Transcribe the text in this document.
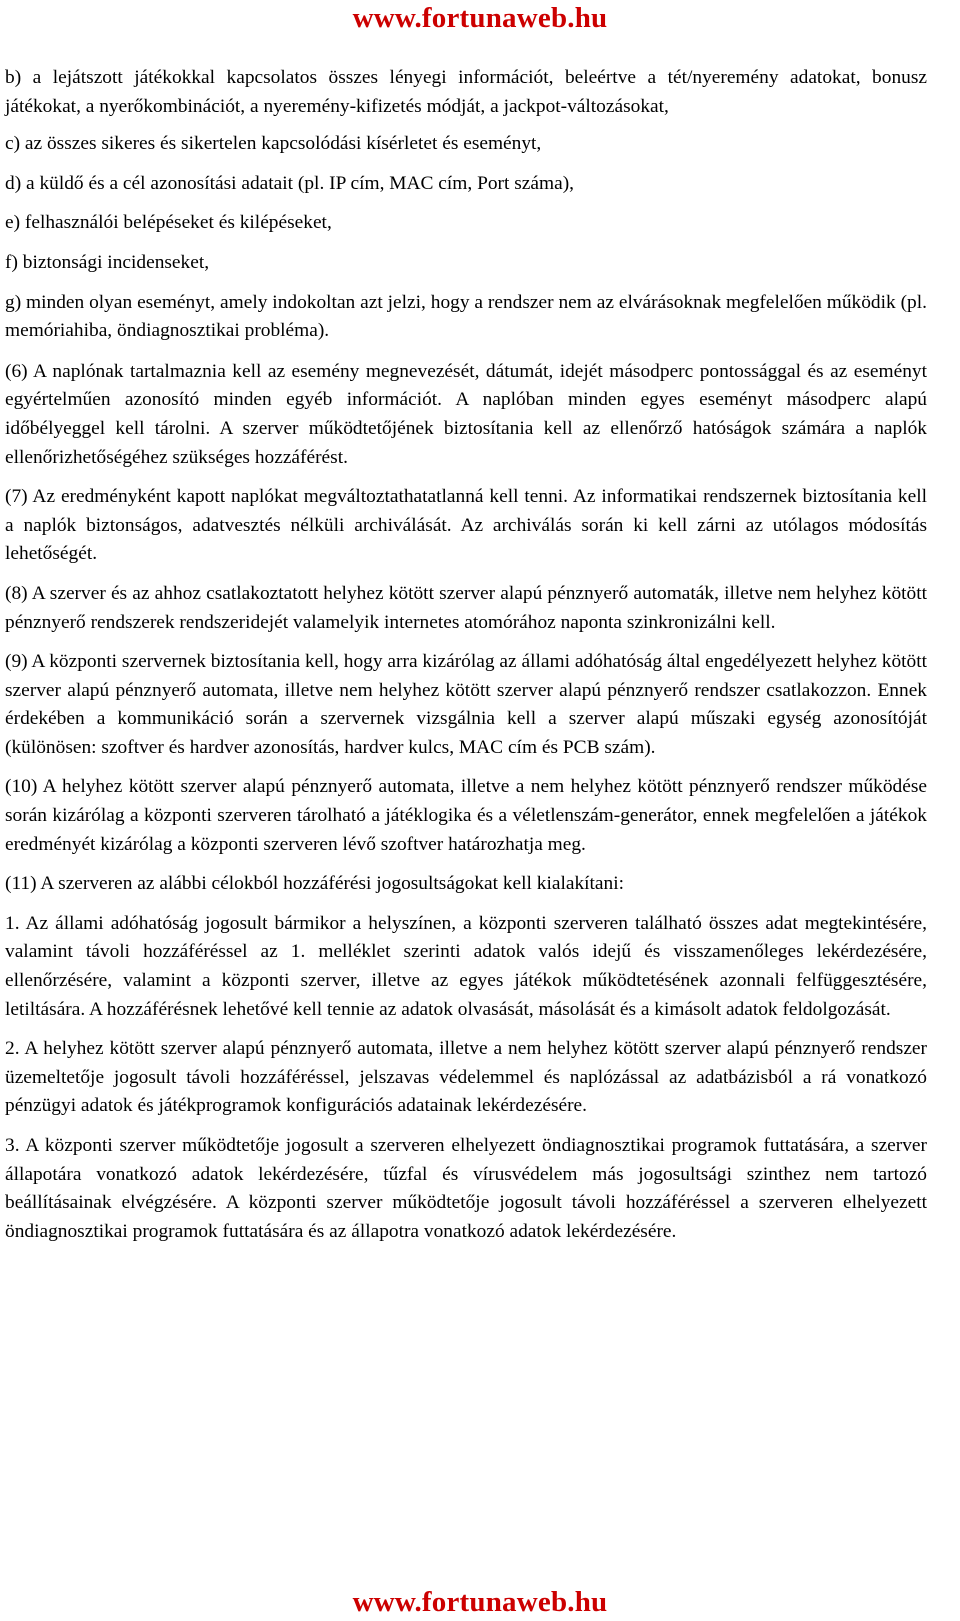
www.fortunaweb.hu

b) a lejátszott játékokkal kapcsolatos összes lényegi információt, beleértve a tét/nyeremény adatokat, bonusz játékokat, a nyerőkombinációt, a nyeremény-kifizetés módját, a jackpot-változásokat,

c) az összes sikeres és sikertelen kapcsolódási kísérletet és eseményt,

d) a küldő és a cél azonosítási adatait (pl. IP cím, MAC cím, Port száma),

e) felhasználói belépéseket és kilépéseket,

f) biztonsági incidenseket,

g) minden olyan eseményt, amely indokoltan azt jelzi, hogy a rendszer nem az elvárásoknak megfelelően működik (pl. memóriahiba, öndiagnosztikai probléma).

(6) A naplónak tartalmaznia kell az esemény megnevezését, dátumát, idejét másodperc pontossággal és az eseményt egyértelműen azonosító minden egyéb információt. A naplóban minden egyes eseményt másodperc alapú időbélyeggel kell tárolni. A szerver működtetőjének biztosítania kell az ellenőrző hatóságok számára a naplók ellenőrizhetőségéhez szükséges hozzáférést.

(7) Az eredményként kapott naplókat megváltoztathatatlanná kell tenni. Az informatikai rendszernek biztosítania kell a naplók biztonságos, adatvesztés nélküli archiválását. Az archiválás során ki kell zárni az utólagos módosítás lehetőségét.

(8) A szerver és az ahhoz csatlakoztatott helyhez kötött szerver alapú pénznyerő automaták, illetve nem helyhez kötött pénznyerő rendszerek rendszeridejét valamelyik internetes atomórához naponta szinkronizálni kell.

(9) A központi szervernek biztosítania kell, hogy arra kizárólag az állami adóhatóság által engedélyezett helyhez kötött szerver alapú pénznyerő automata, illetve nem helyhez kötött szerver alapú pénznyerő rendszer csatlakozzon. Ennek érdekében a kommunikáció során a szervernek vizsgálnia kell a szerver alapú műszaki egység azonosítóját (különösen: szoftver és hardver azonosítás, hardver kulcs, MAC cím és PCB szám).

(10) A helyhez kötött szerver alapú pénznyerő automata, illetve a nem helyhez kötött pénznyerő rendszer működése során kizárólag a központi szerveren tárolható a játéklogika és a véletlenszám-generátor, ennek megfelelően a játékok eredményét kizárólag a központi szerveren lévő szoftver határozhatja meg.

(11) A szerveren az alábbi célokból hozzáférési jogosultságokat kell kialakítani:

1. Az állami adóhatóság jogosult bármikor a helyszínen, a központi szerveren található összes adat megtekintésére, valamint távoli hozzáféréssel az 1. melléklet szerinti adatok valós idejű és visszamenőleges lekérdezésére, ellenőrzésére, valamint a központi szerver, illetve az egyes játékok működtetésének azonnali felfüggesztésére, letiltására. A hozzáférésnek lehetővé kell tennie az adatok olvasását, másolását és a kimásolt adatok feldolgozását.

2. A helyhez kötött szerver alapú pénznyerő automata, illetve a nem helyhez kötött szerver alapú pénznyerő rendszer üzemeltetője jogosult távoli hozzáféréssel, jelszavas védelemmel és naplózással az adatbázisból a rá vonatkozó pénzügyi adatok és játékprogramok konfigurációs adatainak lekérdezésére.

3. A központi szerver működtetője jogosult a szerveren elhelyezett öndiagnosztikai programok futtatására, a szerver állapotára vonatkozó adatok lekérdezésére, tűzfal és vírusvédelem más jogosultsági szinthez nem tartozó beállításainak elvégzésére. A központi szerver működtetője jogosult távoli hozzáféréssel a szerveren elhelyezett öndiagnosztikai programok futtatására és az állapotra vonatkozó adatok lekérdezésére.

www.fortunaweb.hu
